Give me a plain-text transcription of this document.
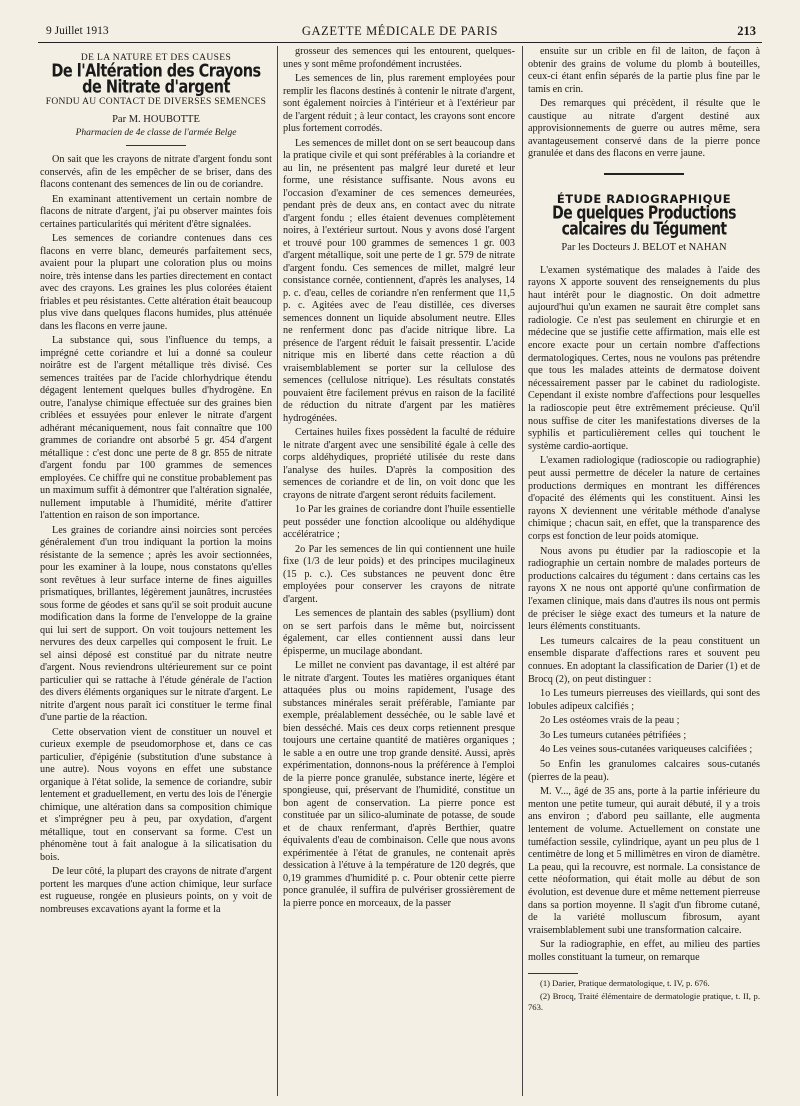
9 Juillet 1913	GAZETTE MÉDICALE DE PARIS	213
DE LA NATURE ET DES CAUSES
De l'Altération des Crayons de Nitrate d'argent
FONDU AU CONTACT DE DIVERSES SEMENCES
Par M. HOUBOTTE
Pharmacien de 4e classe de l'armée Belge

On sait que les crayons de nitrate d'argent fondu sont conservés, afin de les empêcher de se briser, dans des flacons contenant des semences de lin ou de coriandre.

En examinant attentivement un certain nombre de flacons de nitrate d'argent, j'ai pu observer maintes fois certaines particularités qui méritent d'être signalées.

Les semences de coriandre contenues dans ces flacons en verre blanc, demeurés parfaitement secs, avaient pour la plupart une coloration plus ou moins noire, très intense dans les parties directement en contact avec des crayons. Les graines les plus colorées étaient friables et peu résistantes. Cette altération était beaucoup plus vive dans quelques flacons humides, plus atténuée dans les flacons en verre jaune.

La substance qui, sous l'influence du temps, a imprégné cette coriandre et lui a donné sa couleur noirâtre est de l'argent métallique très divisé. Ces semences traitées par de l'acide chlorhydrique étendu dégagent lentement quelques bulles d'hydrogène. En outre, l'analyse chimique effectuée sur des graines bien criblées et essuyées pour enlever le nitrate d'argent adhérant mécaniquement, nous fait connaître que 100 grammes de coriandre ont absorbé 5 gr. 454 d'argent métallique : c'est donc une perte de 8 gr. 855 de nitrate d'argent fondu par 100 grammes de semences employées. Ce chiffre qui ne constitue probablement pas un maximum suffit à démontrer que l'altération signalée, nullement imputable à l'humidité, mérite d'attirer l'attention en raison de son importance.

Les graines de coriandre ainsi noircies sont percées généralement d'un trou indiquant la portion la moins résistante de la semence ; après les avoir sectionnées, pour les examiner à la loupe, nous constatons qu'elles sont revêtues à leur surface interne de fines aiguilles prismatiques, brillantes, légèrement jaunâtres, incrustées sous forme de géodes et sans qu'il se soit produit aucune modification dans la forme de l'enveloppe de la graine qui lui sert de support. On voit toujours nettement les nervures des deux carpelles qui composent le fruit. Le sel ainsi déposé est constitué par du nitrate neutre d'argent. Nous reviendrons ultérieurement sur ce point particulier qui se rattache à l'étude générale de l'action des divers éléments organiques sur le nitrate d'argent. Le nitrite d'argent nous paraît ici constituer le terme final d'une partie de la réaction.

Cette observation vient de constituer un nouvel et curieux exemple de pseudomorphose et, dans ce cas particulier, d'épigénie (substitution d'une substance à une autre). Nous voyons en effet une substance organique à l'état solide, la semence de coriandre, subir lentement et graduellement, en vertu des lois de l'énergie chimique, une altération dans sa composition chimique et s'imprégner peu à peu, par oxydation, d'argent métallique, tout en conservant sa forme. C'est un phénomène tout à fait analogue à la silicatisation du bois.

De leur côté, la plupart des crayons de nitrate d'argent portent les marques d'une action chimique, leur surface est rugueuse, rongée en plusieurs points, on y voit de nombreuses excavations ayant la forme et la

grosseur des semences qui les entourent, quelques-unes y sont même profondément incrustées.

Les semences de lin, plus rarement employées pour remplir les flacons destinés à contenir le nitrate d'argent, sont également noircies à l'intérieur et à l'extérieur par de l'argent réduit ; à leur contact, les crayons sont encore plus fortement corrodés.

Les semences de millet dont on se sert beaucoup dans la pratique civile et qui sont préférables à la coriandre et au lin, ne présentent pas malgré leur dureté et leur forme, une résistance suffisante. Nous avons eu l'occasion d'examiner de ces semences demeurées, pendant près de deux ans, en contact avec du nitrate d'argent fondu ; elles étaient devenues complètement noires, à l'extérieur surtout. Nous y avons dosé l'argent et trouvé pour 100 grammes de semences 1 gr. 003 d'argent métallique, soit une perte de 1 gr. 579 de nitrate d'argent fondu. Ces semences de millet, malgré leur consistance cornée, contiennent, d'après les analyses, 14 p. c. d'eau, celles de coriandre n'en renferment que 11,5 p. c. Agitées avec de l'eau distillée, ces diverses semences donnent un liquide absolument neutre. Elles ne renferment donc pas d'acide nitrique libre. La présence de l'argent réduit le faisait pressentir. L'acide nitrique mis en liberté dans cette réaction a dû vraisemblablement se porter sur la cellulose des semences (cellulose nitrique). Les résultats constatés pouvaient être facilement prévus en raison de la facilité de réduction du nitrate d'argent par les matières hydrogénées.

Certaines huiles fixes possèdent la faculté de réduire le nitrate d'argent avec une sensibilité égale à celle des corps aldéhydiques, propriété utilisée du reste dans l'analyse des huiles. D'après la composition des semences de coriandre et de lin, on voit donc que les crayons de nitrate d'argent seront réduits facilement.

1o Par les graines de coriandre dont l'huile essentielle peut posséder une fonction alcoolique ou aldéhydique accélératrice ;

2o Par les semences de lin qui contiennent une huile fixe (1/3 de leur poids) et des principes mucilagineux (15 p. c.). Ces substances ne peuvent donc être employées pour conserver les crayons de nitrate d'argent.

Les semences de plantain des sables (psyllium) dont on se sert parfois dans le même but, noircissent également, car elles contiennent aussi dans leur épisperme, un mucilage abondant.

Le millet ne convient pas davantage, il est altéré par le nitrate d'argent. Toutes les matières organiques étant attaquées plus ou moins rapidement, l'usage des substances minérales serait préférable, l'amiante par exemple, préalablement desséchée, ou le sable lavé et bien desséché. Mais ces deux corps retiennent presque toujours une certaine quantité de matières organiques ; le sable a en outre une trop grande densité. Aussi, après expérimentation, donnons-nous la préférence à l'emploi de la pierre ponce granulée, substance inerte, légère et spongieuse, qui, préservant de l'humidité, constitue un bon agent de conservation. La pierre ponce est constituée par un silico-aluminate de potasse, de soude et de chaux renfermant, d'après Berthier, quatre équivalents d'eau de combinaison. Celle que nous avons expérimentée à l'état de granules, ne contenait après dessication à l'étuve à la température de 120 degrés, que 0,19 grammes d'humidité p. c. Pour obtenir cette pierre ponce granulée, il suffira de pulvériser grossièrement de la pierre ponce en morceaux, de la passer

ensuite sur un crible en fil de laiton, de façon à obtenir des grains de volume du plomb à bouteilles, ceux-ci étant enfin séparés de la partie plus fine par le tamis en crin.

Des remarques qui précèdent, il résulte que le caustique au nitrate d'argent destiné aux approvisionnements de guerre ou autres même, sera avantageusement conservé dans de la pierre ponce granulée et dans des flacons en verre jaune.

ÉTUDE RADIOGRAPHIQUE
De quelques Productions calcaires du Tégument
Par les Docteurs J. BELOT et NAHAN

L'examen systématique des malades à l'aide des rayons X apporte souvent des renseignements du plus haut intérêt pour le diagnostic. On doit admettre aujourd'hui qu'un examen ne saurait être complet sans radiologie. Ce n'est pas seulement en chirurgie et en médecine que se justifie cette affirmation, mais elle est encore exacte pour un certain nombre d'affections dermatologiques. Certes, nous ne voulons pas prétendre que tous les malades atteints de dermatose doivent nécessairement passer par le cabinet du radiologiste. Cependant il existe nombre d'affections pour lesquelles la radioscopie peut être extrêmement précieuse. Qu'il nous suffise de citer les manifestations diverses de la syphilis et particulièrement celles qui touchent le système cardio-aortique.

L'examen radiologique (radioscopie ou radiographie) peut aussi permettre de déceler la nature de certaines productions dermiques en montrant les différences d'opacité des éléments qui les constituent. Ainsi les rayons X deviennent une véritable méthode d'analyse chimique ; chacun sait, en effet, que la transparence des corps est fonction de leur poids atomique.

Nous avons pu étudier par la radioscopie et la radiographie un certain nombre de malades porteurs de productions calcaires du tégument : dans certains cas les rayons X ne nous ont apporté qu'une confirmation de l'examen clinique, mais dans d'autres ils nous ont permis de préciser le siège exact des tumeurs et la nature de leurs éléments constituants.

Les tumeurs calcaires de la peau constituent un ensemble disparate d'affections rares et souvent peu connues. En adoptant la classification de Darier (1) et de Brocq (2), on peut distinguer :

1o Les tumeurs pierreuses des vieillards, qui sont des lobules adipeux calcifiés ;

2o Les ostéomes vrais de la peau ;

3o Les tumeurs cutanées pétrifiées ;

4o Les veines sous-cutanées variqueuses calcifiées ;

5o Enfin les granulomes calcaires sous-cutanés (pierres de la peau).

M. V..., âgé de 35 ans, porte à la partie inférieure du menton une petite tumeur, qui aurait débuté, il y a trois ans environ ; d'abord peu saillante, elle augmenta lentement de volume. Actuellement on constate une tuméfaction sessile, cylindrique, ayant un peu plus de 1 centimètre de long et 5 millimètres en viron de diamètre. La peau, qui la recouvre, est normale. La consistance de cette néoformation, qui était molle au début de son évolution, est devenue dure et même nettement pierreuse dans sa portion moyenne. Il s'agit d'un fibrome cutané, de la variété molluscum fibrosum, ayant vraisemblablement subi une transformation calcaire.

Sur la radiographie, en effet, au milieu des parties molles constituant la tumeur, on remarque

(1) Darier, Pratique dermatologique, t. IV, p. 676.

(2) Brocq, Traité élémentaire de dermatologie pratique, t. II, p. 763.
